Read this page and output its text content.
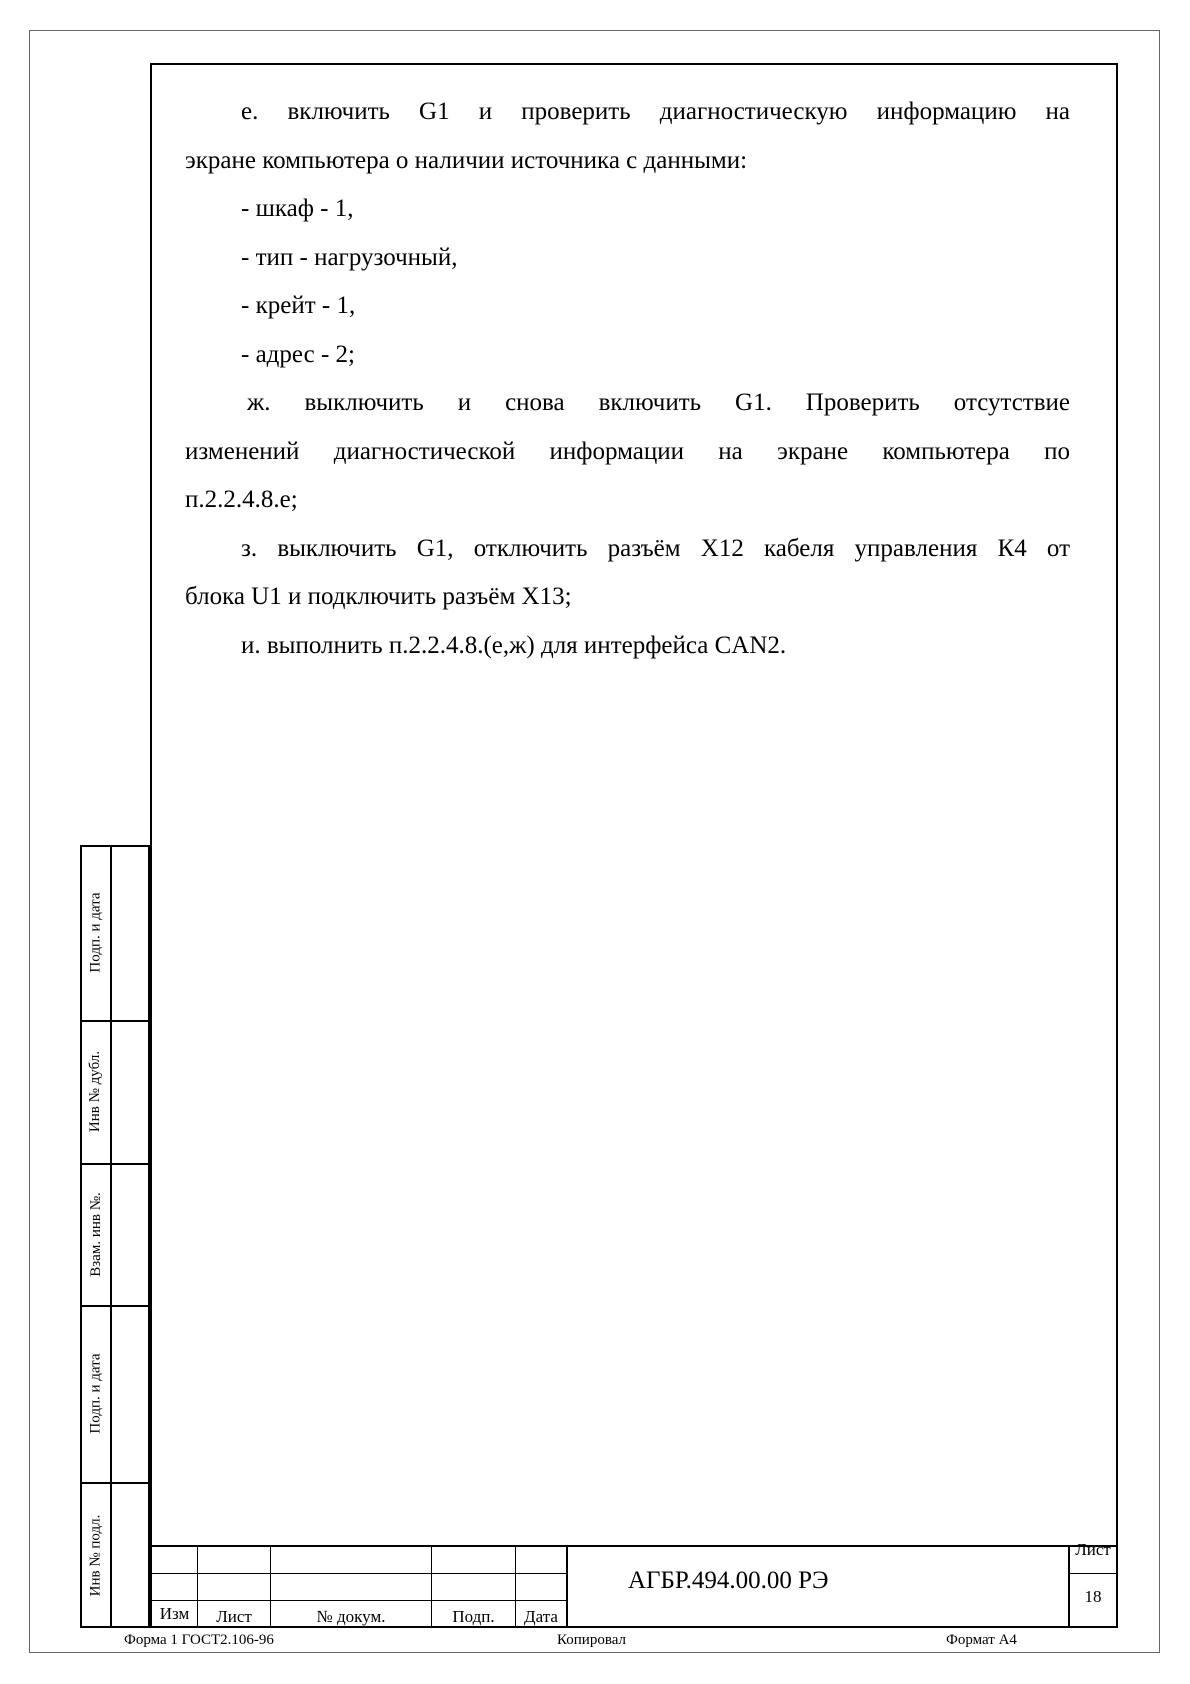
е. включить G1 и проверить диагностическую информацию на

экране компьютера о наличии источника с данными:

- шкаф - 1,

- тип - нагрузочный,

- крейт - 1,

- адрес - 2;

ж. выключить и снова включить G1. Проверить отсутствие

изменений диагностической информации на экране компьютера по

п.2.2.4.8.е;

з. выключить G1, отключить разъём X12 кабеля управления К4 от

блока U1 и подключить разъём X13;

и. выполнить п.2.2.4.8.(е,ж) для интерфейса CAN2.

Подп. и дата
Инв № дубл.
Взам. инв №.
Подп. и дата
Инв № подл.
Изм	Лист	№ докум.	Подп.	Дата
АГБР.494.00.00 РЭ
Лист
18
Форма 1 ГОСТ2.106-96	Копировал	Формат А4
